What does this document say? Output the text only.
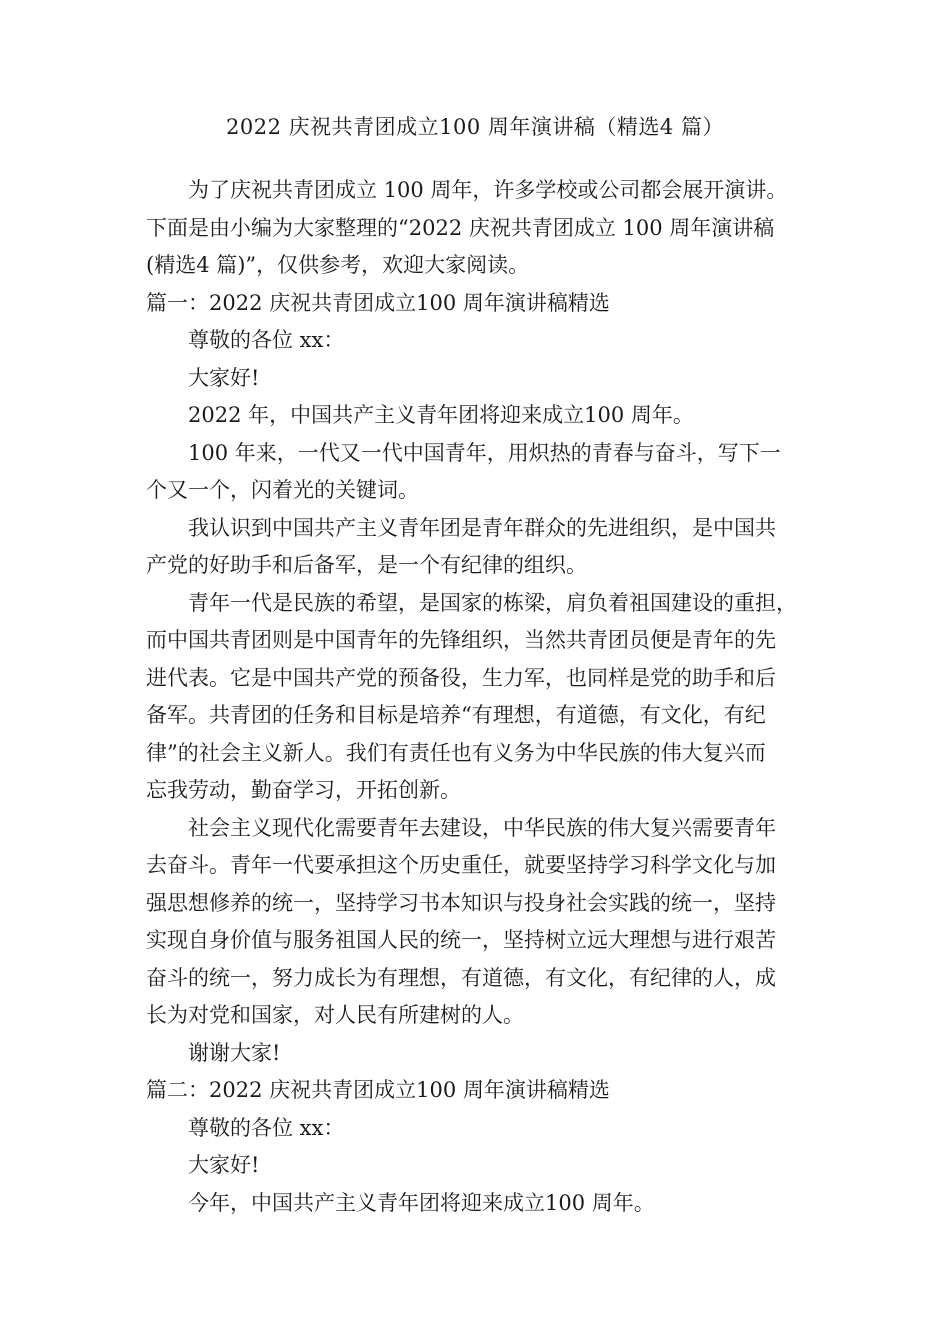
2022 庆祝共青团成立100 周年演讲稿（精选4 篇）
为了庆祝共青团成立 100 周年，许多学校或公司都会展开演讲。
下面是由小编为大家整理的“2022 庆祝共青团成立 100 周年演讲稿
(精选4 篇)”，仅供参考，欢迎大家阅读。
篇一：2022 庆祝共青团成立100 周年演讲稿精选
尊敬的各位 xx：
大家好!
2022 年，中国共产主义青年团将迎来成立100 周年。
100 年来，一代又一代中国青年，用炽热的青春与奋斗，写下一
个又一个，闪着光的关键词。
我认识到中国共产主义青年团是青年群众的先进组织，是中国共
产党的好助手和后备军，是一个有纪律的组织。
青年一代是民族的希望，是国家的栋梁，肩负着祖国建设的重担，
而中国共青团则是中国青年的先锋组织，当然共青团员便是青年的先
进代表。它是中国共产党的预备役，生力军，也同样是党的助手和后
备军。共青团的任务和目标是培养“有理想，有道德，有文化，有纪
律”的社会主义新人。我们有责任也有义务为中华民族的伟大复兴而
忘我劳动，勤奋学习，开拓创新。
社会主义现代化需要青年去建设，中华民族的伟大复兴需要青年
去奋斗。青年一代要承担这个历史重任，就要坚持学习科学文化与加
强思想修养的统一，坚持学习书本知识与投身社会实践的统一，坚持
实现自身价值与服务祖国人民的统一，坚持树立远大理想与进行艰苦
奋斗的统一，努力成长为有理想，有道德，有文化，有纪律的人，成
长为对党和国家，对人民有所建树的人。
谢谢大家!
篇二：2022 庆祝共青团成立100 周年演讲稿精选
尊敬的各位 xx：
大家好!
今年，中国共产主义青年团将迎来成立100 周年。
